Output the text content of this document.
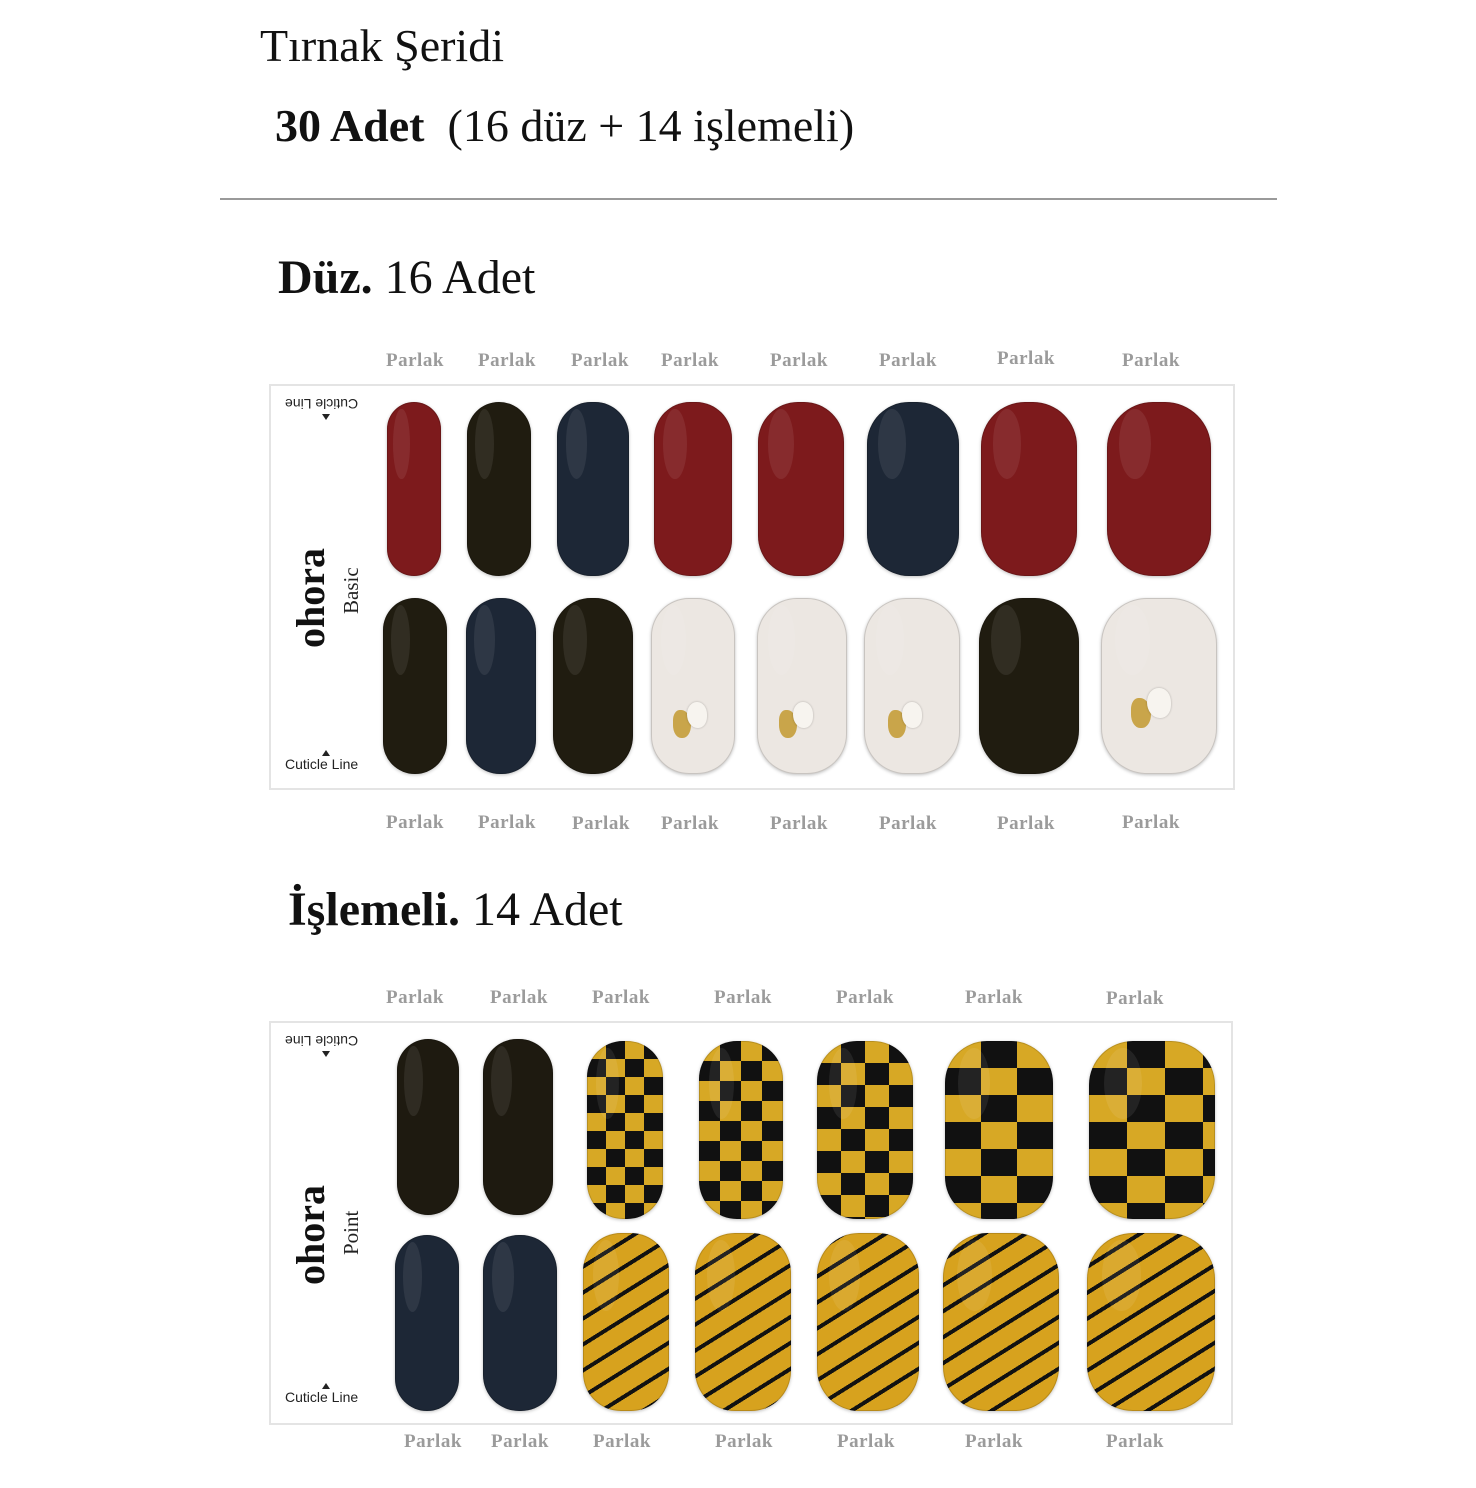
Tırnak Şeridi
30 Adet (16 düz + 14 işlemeli)
Düz. 16 Adet
Parlak Parlak Parlak Parlak	Parlak	Parlak	Parlak	Parlak
Cuticle Line
ohora Basic
Cuticle Line
Parlak Parlak Parlak Parlak	Parlak	Parlak	Parlak	Parlak
İşlemeli. 14 Adet
Parlak Parlak Parlak	Parlak	Parlak	Parlak	Parlak
Cuticle Line
ohora Point
Cuticle Line
Parlak Parlak Parlak	Parlak	Parlak	Parlak	Parlak
